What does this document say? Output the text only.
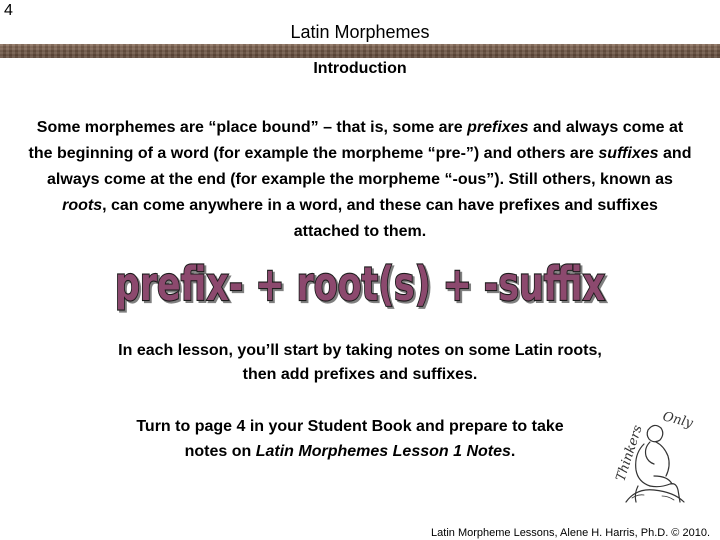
4
Latin Morphemes
Introduction

Some morphemes are “place bound” – that is, some are prefixes and always come at the beginning of a word (for example the morpheme “pre-”) and others are suffixes and always come at the end (for example the morpheme “-ous”). Still others, known as roots, can come anywhere in a word, and these can have prefixes and suffixes attached to them.

prefix- + root(s) + -suffix
In each lesson, you’ll start by taking notes on some Latin roots,
then add prefixes and suffixes.
Turn to page 4 in your Student Book and prepare to take
notes on Latin Morphemes Lesson 1 Notes.
Only
Thinkers
Latin Morpheme Lessons, Alene H. Harris, Ph.D. © 2010.
